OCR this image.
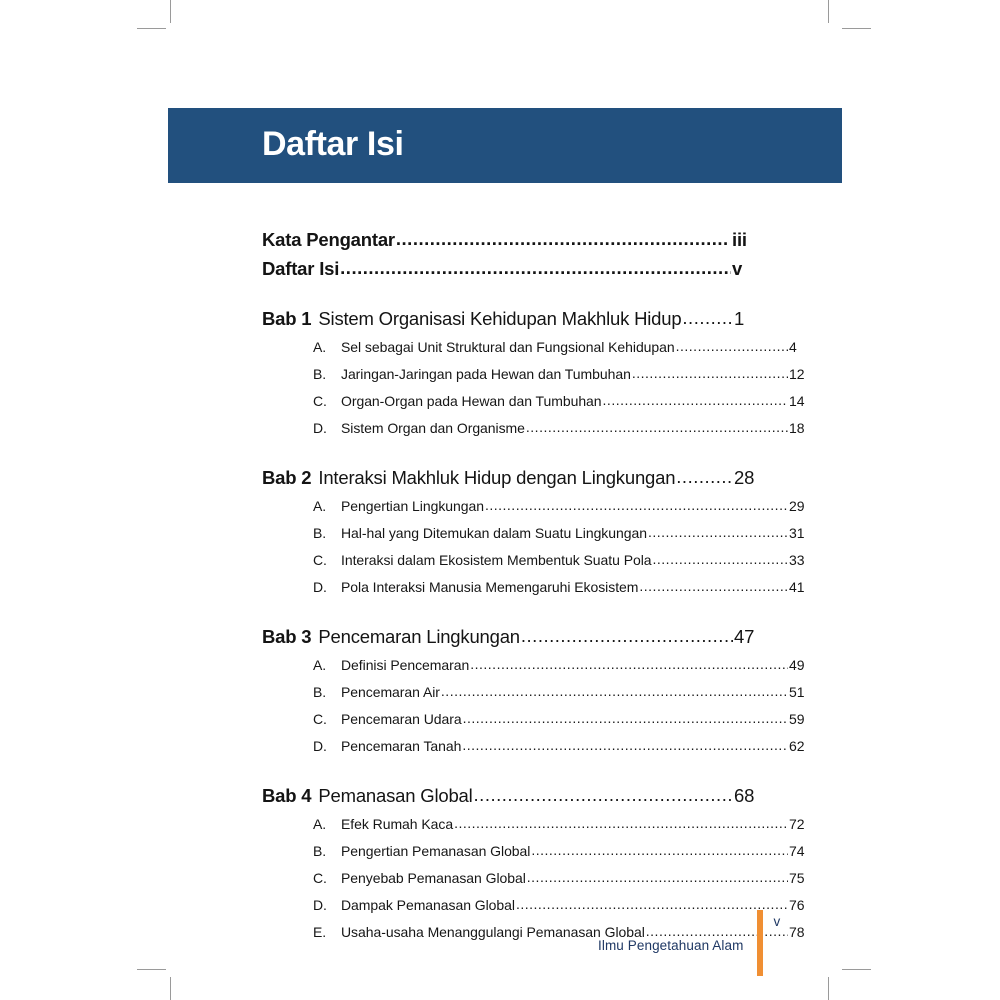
Daftar Isi
Kata Pengantar .....	iii
Daftar Isi .....	v
Bab 1 Sistem Organisasi Kehidupan Makhluk Hidup .....	1
A.	Sel sebagai Unit Struktural dan Fungsional Kehidupan .....	4
B.	Jaringan-Jaringan pada Hewan dan Tumbuhan .....	12
C.	Organ-Organ pada Hewan dan Tumbuhan .....	14
D.	Sistem Organ dan Organisme .....	18
Bab 2 Interaksi Makhluk Hidup dengan Lingkungan .....	28
A.	Pengertian Lingkungan .....	29
B.	Hal-hal yang Ditemukan dalam Suatu Lingkungan .....	31
C.	Interaksi dalam Ekosistem Membentuk Suatu Pola .....	33
D.	Pola Interaksi Manusia Memengaruhi Ekosistem .....	41
Bab 3 Pencemaran Lingkungan .....	47
A.	Definisi Pencemaran .....	49
B.	Pencemaran Air .....	51
C.	Pencemaran Udara .....	59
D.	Pencemaran Tanah .....	62
Bab 4 Pemanasan Global .....	68
A.	Efek Rumah Kaca .....	72
B.	Pengertian Pemanasan Global .....	74
C.	Penyebab Pemanasan Global .....	75
D.	Dampak Pemanasan Global .....	76
E.	Usaha-usaha Menanggulangi Pemanasan Global .....	78
Ilmu Pengetahuan Alam
v
